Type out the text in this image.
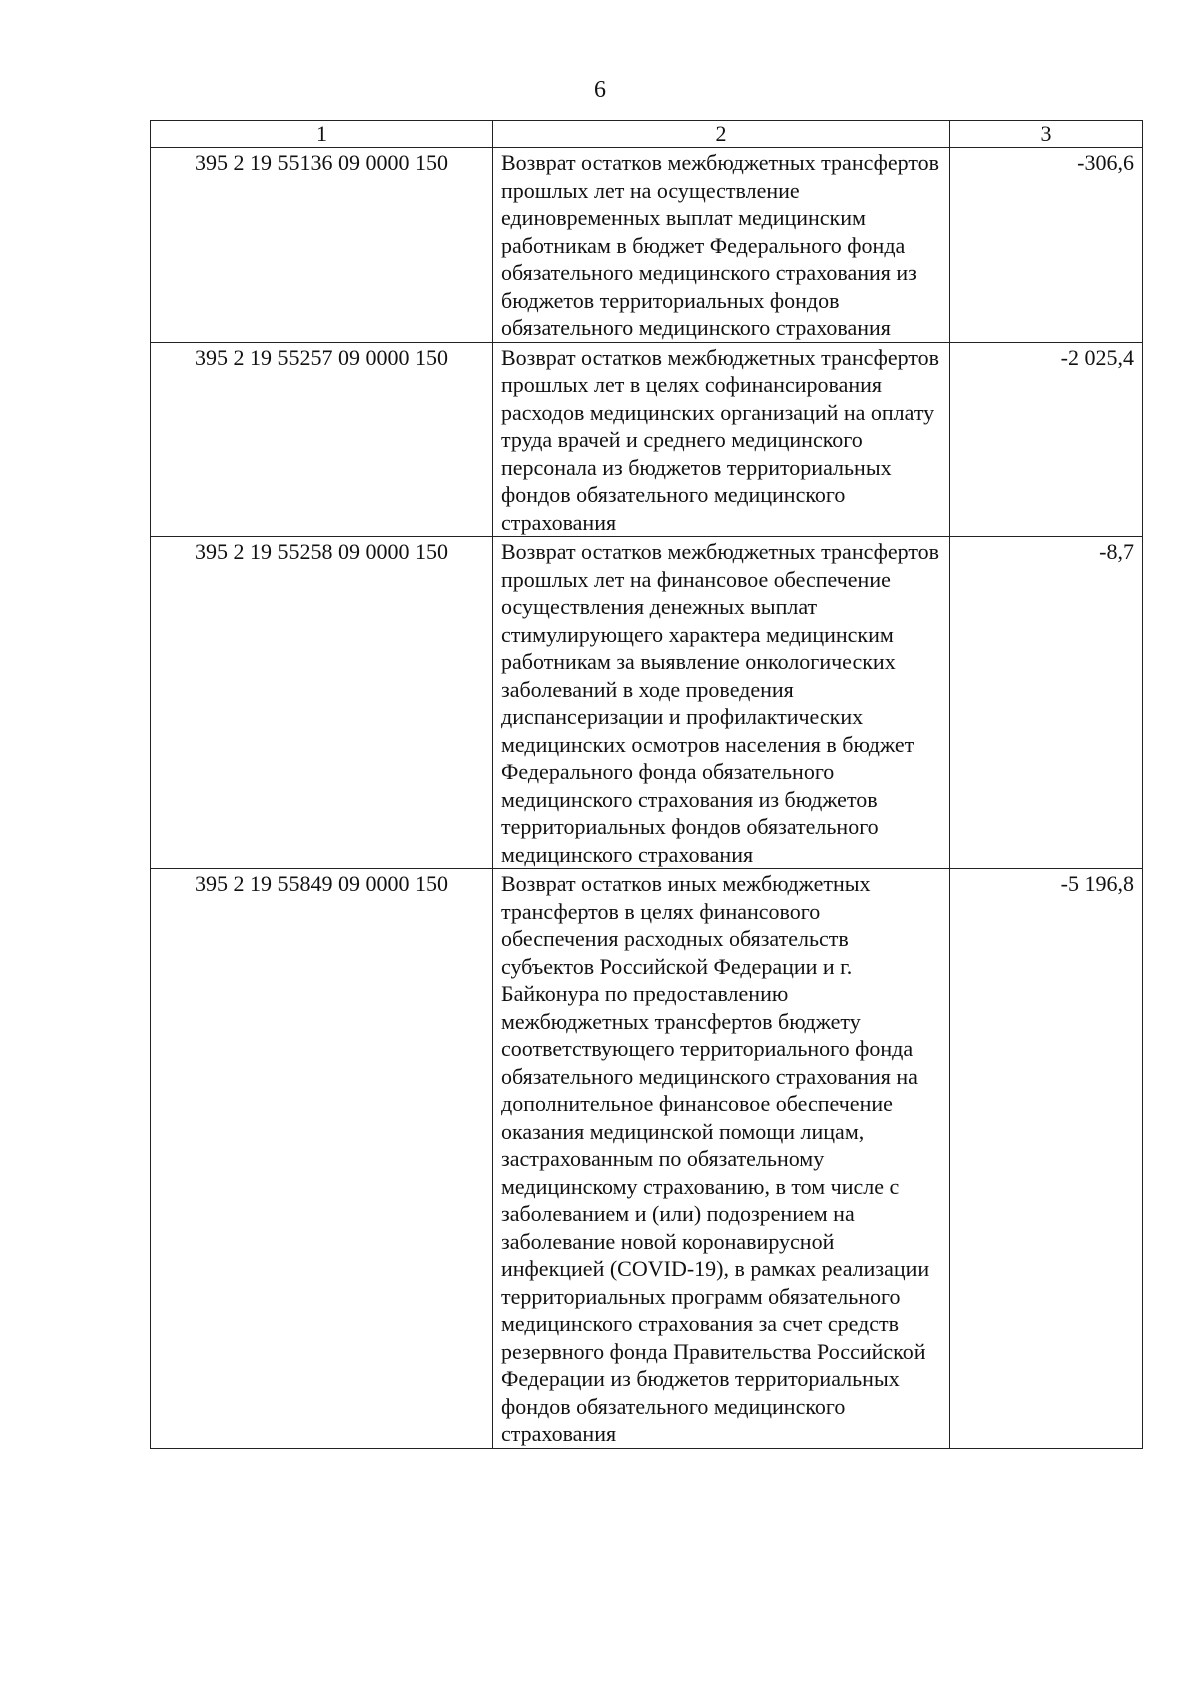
6
1	2	3
395 2 19 55136 09 0000 150	Возврат остатков межбюджетных трансфертов прошлых лет на осуществление единовременных выплат медицинским работникам в бюджет Федерального фонда обязательного медицинского страхования из бюджетов территориальных фондов обязательного медицинского страхования	-306,6
395 2 19 55257 09 0000 150	Возврат остатков межбюджетных трансфертов прошлых лет в целях софинансирования расходов медицинских организаций на оплату труда врачей и среднего медицинского персонала из бюджетов территориальных фондов обязательного медицинского страхования	-2 025,4
395 2 19 55258 09 0000 150	Возврат остатков межбюджетных трансфертов прошлых лет на финансовое обеспечение осуществления денежных выплат стимулирующего характера медицинским работникам за выявление онкологических заболеваний в ходе проведения диспансеризации и профилактических медицинских осмотров населения в бюджет Федерального фонда обязательного медицинского страхования из бюджетов территориальных фондов обязательного медицинского страхования	-8,7
395 2 19 55849 09 0000 150	Возврат остатков иных межбюджетных трансфертов в целях финансового обеспечения расходных обязательств субъектов Российской Федерации и г. Байконура по предоставлению межбюджетных трансфертов бюджету соответствующего территориального фонда обязательного медицинского страхования на дополнительное финансовое обеспечение оказания медицинской помощи лицам, застрахованным по обязательному медицинскому страхованию, в том числе с заболеванием и (или) подозрением на заболевание новой коронавирусной инфекцией (COVID-19), в рамках реализации территориальных программ обязательного медицинского страхования за счет средств резервного фонда Правительства Российской Федерации из бюджетов территориальных фондов обязательного медицинского страхования	-5 196,8
